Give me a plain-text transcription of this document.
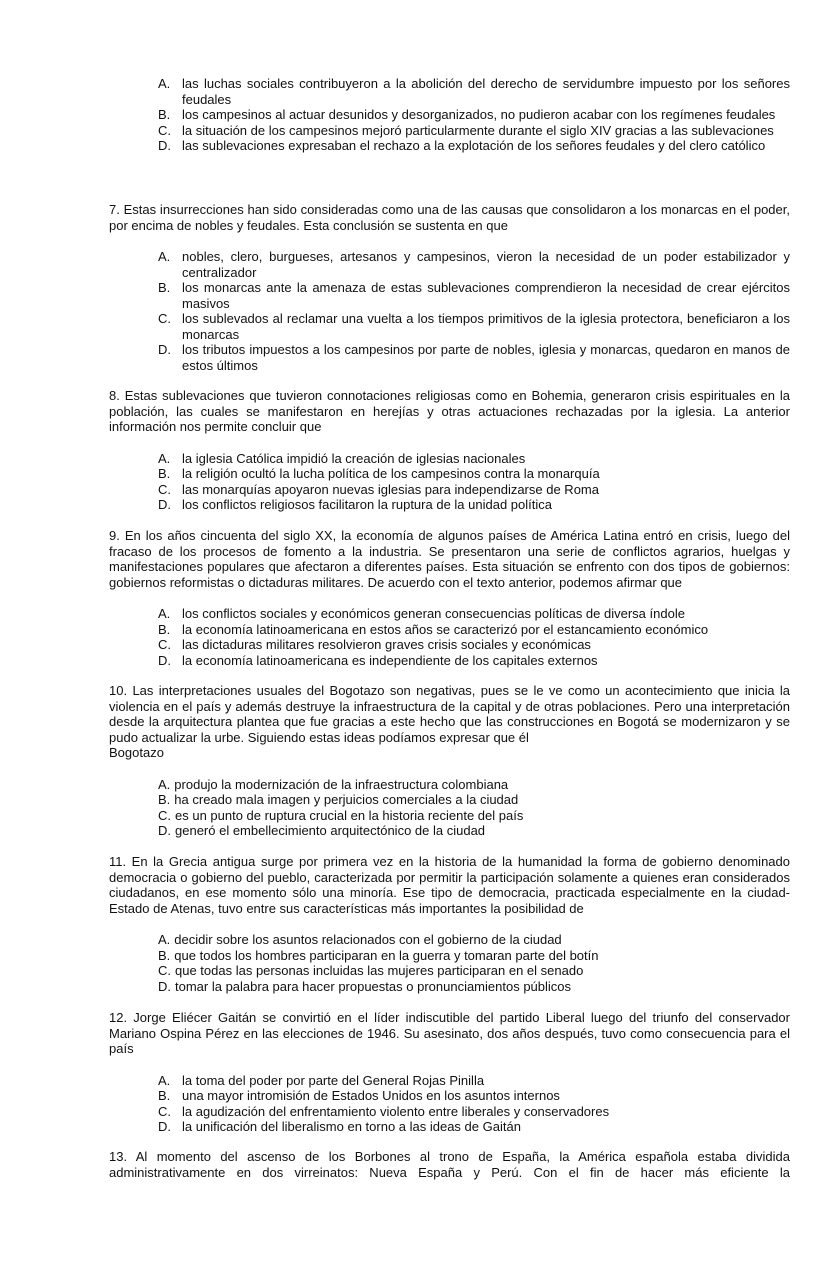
A. las luchas sociales contribuyeron a la abolición del derecho de servidumbre impuesto por los señores feudales
B. los campesinos al actuar desunidos y desorganizados, no pudieron acabar con los regímenes feudales
C. la situación de los campesinos mejoró particularmente durante el siglo XIV gracias a las sublevaciones
D. las sublevaciones expresaban el rechazo a la explotación de los señores feudales y del clero católico

7. Estas insurrecciones han sido consideradas como una de las causas que consolidaron a los monarcas en el poder, por encima de nobles y feudales. Esta conclusión se sustenta en que

A. nobles, clero, burgueses, artesanos y campesinos, vieron la necesidad de un poder estabilizador y centralizador
B. los monarcas ante la amenaza de estas sublevaciones comprendieron la necesidad de crear ejércitos masivos
C. los sublevados al reclamar una vuelta a los tiempos primitivos de la iglesia protectora, beneficiaron a los monarcas
D. los tributos impuestos a los campesinos por parte de nobles, iglesia y monarcas, quedaron en manos de estos últimos

8. Estas sublevaciones que tuvieron connotaciones religiosas como en Bohemia, generaron crisis espirituales en la población, las cuales se manifestaron en herejías y otras actuaciones rechazadas por la iglesia. La anterior información nos permite concluir que

A. la iglesia Católica impidió la creación de iglesias nacionales
B. la religión ocultó la lucha política de los campesinos contra la monarquía
C. las monarquías apoyaron nuevas iglesias para independizarse de Roma
D. los conflictos religiosos facilitaron la ruptura de la unidad política

9. En los años cincuenta del siglo XX, la economía de algunos países de América Latina entró en crisis, luego del fracaso de los procesos de fomento a la industria. Se presentaron una serie de conflictos agrarios, huelgas y manifestaciones populares que afectaron a diferentes países. Esta situación se enfrento con dos tipos de gobiernos: gobiernos reformistas o dictaduras militares. De acuerdo con el texto anterior, podemos afirmar que

A. los conflictos sociales y económicos generan consecuencias políticas de diversa índole
B. la economía latinoamericana en estos años se caracterizó por el estancamiento económico
C. las dictaduras militares resolvieron graves crisis sociales y económicas
D. la economía latinoamericana es independiente de los capitales externos

10. Las interpretaciones usuales del Bogotazo son negativas, pues se le ve como un acontecimiento que inicia la violencia en el país y además destruye la infraestructura de la capital y de otras poblaciones. Pero una interpretación desde la arquitectura plantea que fue gracias a este hecho que las construcciones en Bogotá se modernizaron y se pudo actualizar la urbe. Siguiendo estas ideas podíamos expresar que él

Bogotazo

A. produjo la modernización de la infraestructura colombiana
B. ha creado mala imagen y perjuicios comerciales a la ciudad
C. es un punto de ruptura crucial en la historia reciente del país
D. generó el embellecimiento arquitectónico de la ciudad

11. En la Grecia antigua surge por primera vez en la historia de la humanidad la forma de gobierno denominado democracia o gobierno del pueblo, caracterizada por permitir la participación solamente a quienes eran considerados ciudadanos, en ese momento sólo una minoría. Ese tipo de democracia, practicada especialmente en la ciudad-Estado de Atenas, tuvo entre sus características más importantes la posibilidad de

A. decidir sobre los asuntos relacionados con el gobierno de la ciudad
B. que todos los hombres participaran en la guerra y tomaran parte del botín
C. que todas las personas incluidas las mujeres participaran en el senado
D. tomar la palabra para hacer propuestas o pronunciamientos públicos

12. Jorge Eliécer Gaitán se convirtió en el líder indiscutible del partido Liberal luego del triunfo del conservador Mariano Ospina Pérez en las elecciones de 1946. Su asesinato, dos años después, tuvo como consecuencia para el país

A. la toma del poder por parte del General Rojas Pinilla
B. una mayor intromisión de Estados Unidos en los asuntos internos
C. la agudización del enfrentamiento violento entre liberales y conservadores
D. la unificación del liberalismo en torno a las ideas de Gaitán

13. Al momento del ascenso de los Borbones al trono de España, la América española estaba dividida administrativamente en dos virreinatos: Nueva España y Perú. Con el fin de hacer más eficiente la
